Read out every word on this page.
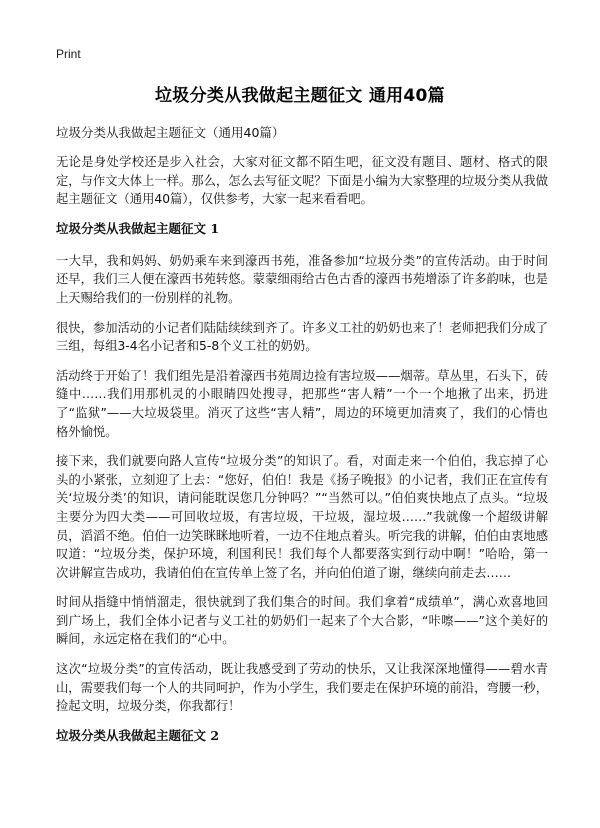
Print
垃圾分类从我做起主题征文 通用40篇

垃圾分类从我做起主题征文（通用40篇）

无论是身处学校还是步入社会，大家对征文都不陌生吧，征文没有题目、题材、格式的限定，与作文大体上一样。那么，怎么去写征文呢？下面是小编为大家整理的垃圾分类从我做起主题征文（通用40篇），仅供参考，大家一起来看看吧。

垃圾分类从我做起主题征文 1

一大早，我和妈妈、奶奶乘车来到濠西书苑，准备参加“垃圾分类”的宣传活动。由于时间还早，我们三人便在濠西书苑转悠。蒙蒙细雨给古色古香的濠西书苑增添了许多韵味，也是上天赐给我们的一份别样的礼物。

很快，参加活动的小记者们陆陆续续到齐了。许多义工社的奶奶也来了！老师把我们分成了三组，每组3-4名小记者和5-8个义工社的奶奶。

活动终于开始了！我们组先是沿着濠西书苑周边捡有害垃圾——烟蒂。草丛里，石头下，砖缝中……我们用那机灵的小眼睛四处搜寻，把那些“害人精”一个一个地揪了出来，扔进了“监狱”——大垃圾袋里。消灭了这些“害人精”，周边的环境更加清爽了，我们的心情也格外愉悦。

接下来，我们就要向路人宣传“垃圾分类”的知识了。看，对面走来一个伯伯，我忘掉了心头的小紧张，立刻迎了上去：“您好，伯伯！我是《扬子晚报》的小记者，我们正在宣传有关‘垃圾分类’的知识，请问能耽误您几分钟吗？”“当然可以。”伯伯爽快地点了点头。“垃圾主要分为四大类——可回收垃圾，有害垃圾，干垃圾，湿垃圾……”我就像一个超级讲解员，滔滔不绝。伯伯一边笑眯眯地听着，一边不住地点着头。听完我的讲解，伯伯由衷地感叹道：“垃圾分类，保护环境，利国利民！我们每个人都要落实到行动中啊！”哈哈，第一次讲解宣告成功，我请伯伯在宣传单上签了名，并向伯伯道了谢，继续向前走去……

时间从指缝中悄悄溜走，很快就到了我们集合的时间。我们拿着“成绩单”，满心欢喜地回到广场上，我们全体小记者与义工社的奶奶们一起来了个大合影，“咔嚓——”这个美好的瞬间，永远定格在我们的“心中。

这次“垃圾分类”的宣传活动，既让我感受到了劳动的快乐，又让我深深地懂得——碧水青山，需要我们每一个人的共同呵护，作为小学生，我们要走在保护环境的前沿，弯腰一秒，捡起文明，垃圾分类，你我都行！

垃圾分类从我做起主题征文 2
